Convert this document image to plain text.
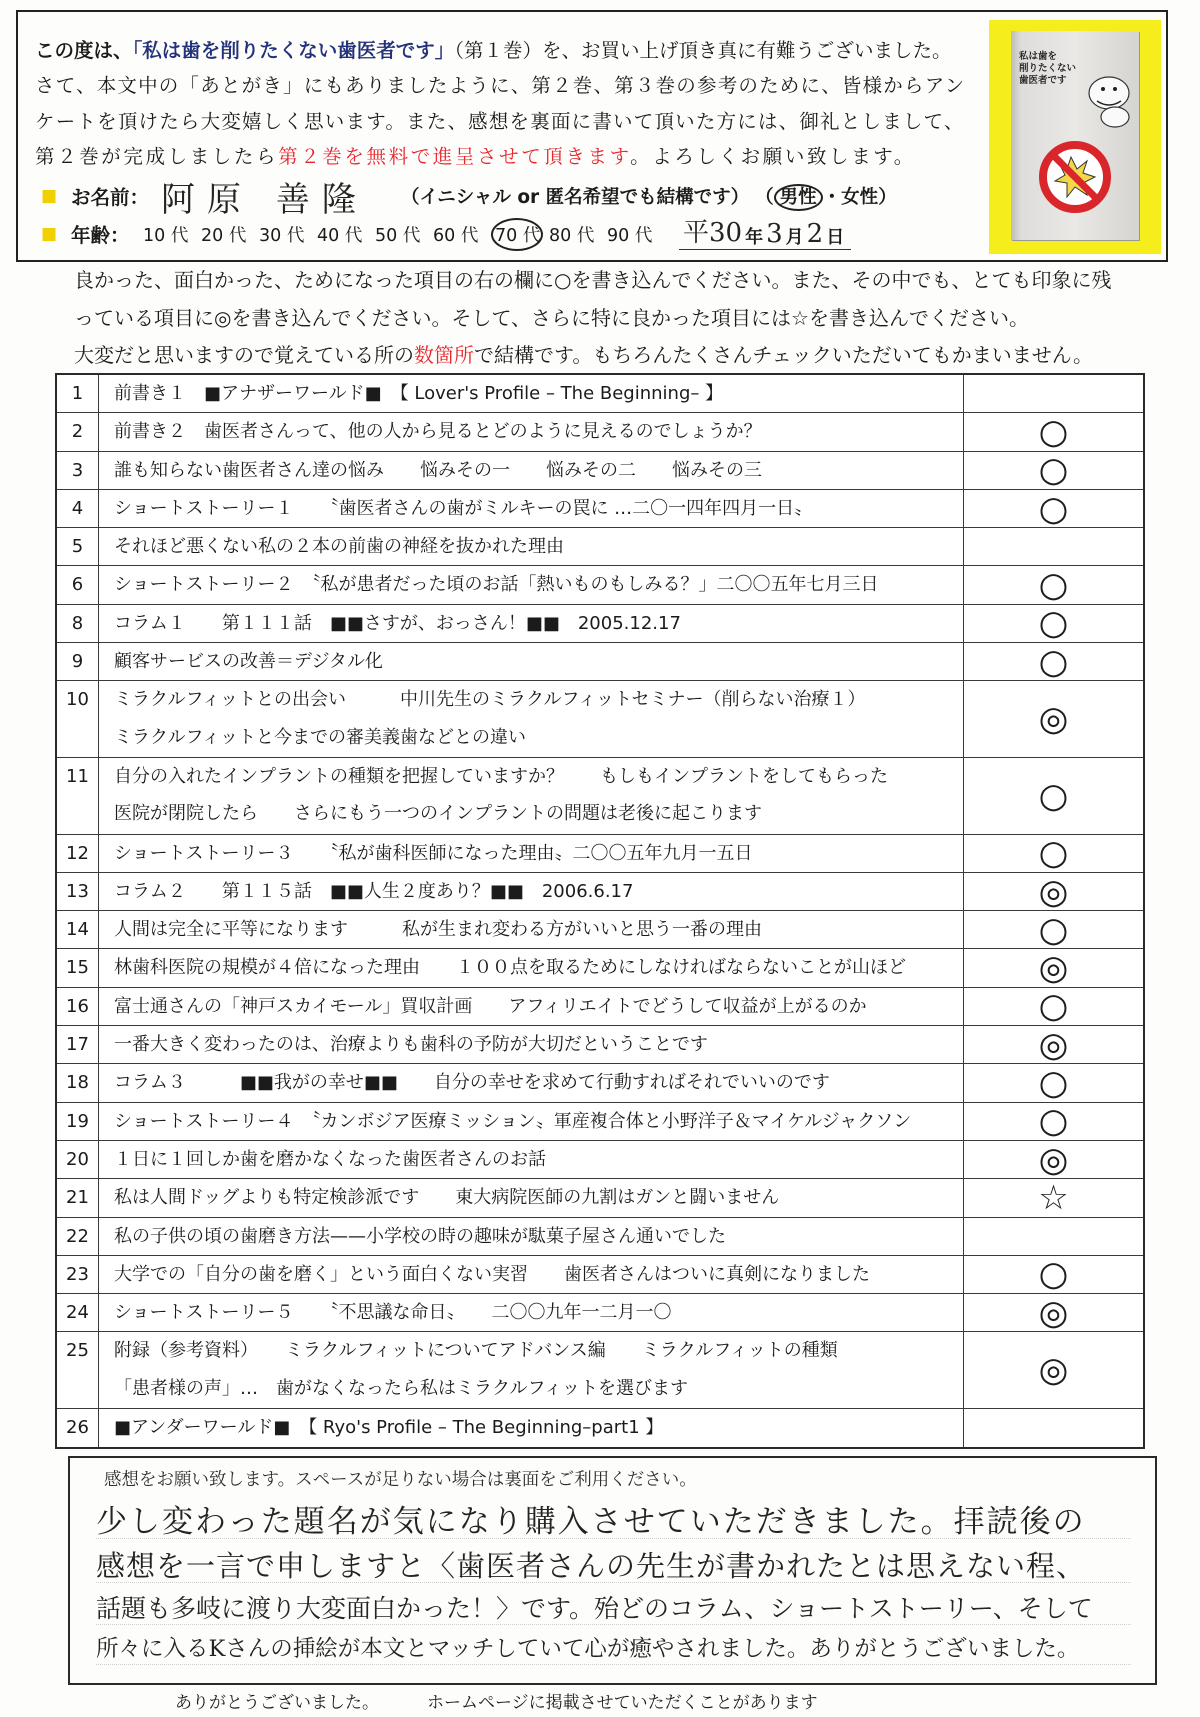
この度は、「私は歯を削りたくない歯医者です」（第１巻）を、お買い上げ頂き真に有難うございました。
さて、本文中の「あとがき」にもありましたように、第２巻、第３巻の参考のために、皆様からアン
ケートを頂けたら大変嬉しく思います。また、感想を裏面に書いて頂いた方には、御礼としまして、
第２巻が完成しましたら第２巻を無料で進呈させて頂きます。よろしくお願い致します。
■ お名前： 阿原 善隆	（イニシャル or 匿名希望でも結構です） （ 男性 ・女性）
■ 年齢： 10 代 20 代 30 代 40 代 50 代 60 代 70 代 80 代 90 代	平30 年 3 月 2 日
私は歯を
削りたくない
歯医者です
良かった、面白かった、ためになった項目の右の欄に○を書き込んでください。また、その中でも、とても印象に残
っている項目に◎を書き込んでください。そして、さらに特に良かった項目には☆を書き込んでください。
大変だと思いますので覚えている所の数箇所で結構です。もちろんたくさんチェックいただいてもかまいません。
1	前書き１　■アナザーワールド■　【 Lover's Profile – The Beginning– 】
2	前書き２　歯医者さんって、他の人から見るとどのように見えるのでしょうか？	○
3	誰も知らない歯医者さん達の悩み　　悩みその一　　悩みその二　　悩みその三	○
4	ショートストーリー１　　〝歯医者さんの歯がミルキーの罠に …二〇一四年四月一日〟	○
5	それほど悪くない私の２本の前歯の神経を抜かれた理由
6	ショートストーリー２　〝私が患者だった頃のお話「熱いものもしみる？」二〇〇五年七月三日	○
8	コラム１　　第１１１話　■■さすが、おっさん！■■　2005.12.17	○
9	顧客サービスの改善＝デジタル化	○
10	ミラクルフィットとの出会い　　　中川先生のミラクルフィットセミナー（削らない治療１）
ミラクルフィットと今までの審美義歯などとの違い	◎
11	自分の入れたインプラントの種類を把握していますか？　　もしもインプラントをしてもらった
医院が閉院したら　　さらにもう一つのインプラントの問題は老後に起こります	○
12	ショートストーリー３　　〝私が歯科医師になった理由〟二〇〇五年九月一五日	○
13	コラム２　　第１１５話　■■人生２度あり？■■　2006.6.17	◎
14	人間は完全に平等になります　　　私が生まれ変わる方がいいと思う一番の理由	○
15	林歯科医院の規模が４倍になった理由　　１００点を取るためにしなければならないことが山ほど	◎
16	富士通さんの「神戸スカイモール」買収計画　　アフィリエイトでどうして収益が上がるのか	○
17	一番大きく変わったのは、治療よりも歯科の予防が大切だということです	◎
18	コラム３　　　■■我がの幸せ■■　　自分の幸せを求めて行動すればそれでいいのです	○
19	ショートストーリー４　〝カンボジア医療ミッション〟軍産複合体と小野洋子＆マイケルジャクソン	○
20	１日に１回しか歯を磨かなくなった歯医者さんのお話	◎
21	私は人間ドッグよりも特定検診派です　　東大病院医師の九割はガンと闘いません	☆
22	私の子供の頃の歯磨き方法——小学校の時の趣味が駄菓子屋さん通いでした
23	大学での「自分の歯を磨く」という面白くない実習　　歯医者さんはついに真剣になりました	○
24	ショートストーリー５　　〝不思議な命日〟　　二〇〇九年一二月一〇	◎
25	附録（参考資料）　　ミラクルフィットについてアドバンス編　　ミラクルフィットの種類
「患者様の声」…　歯がなくなったら私はミラクルフィットを選びます	◎
26	■アンダーワールド■　【 Ryo's Profile – The Beginning–part1 】
感想をお願い致します。スペースが足りない場合は裏面をご利用ください。
少し変わった題名が気になり購入させていただきました。拝読後の
感想を一言で申しますと〈歯医者さんの先生が書かれたとは思えない程、
話題も多岐に渡り大変面白かった！〉です。殆どのコラム、ショートストーリー、そして
所々に入るKさんの挿絵が本文とマッチしていて心が癒やされました。ありがとうございました。
ありがとうございました。	ホームページに掲載させていただくことがあります
